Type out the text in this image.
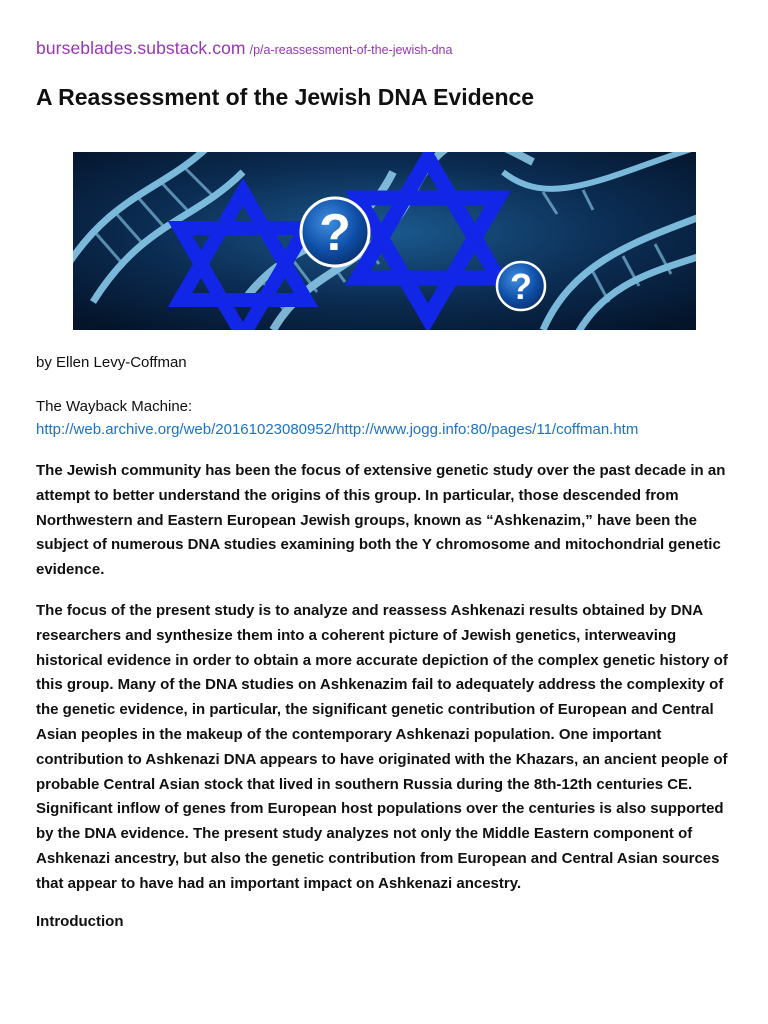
burseblades.substack.com /p/a-reassessment-of-the-jewish-dna
A Reassessment of the Jewish DNA Evidence
?
?
by Ellen Levy-Coffman
The Wayback Machine:
http://web.archive.org/web/20161023080952/http://www.jogg.info:80/pages/11/coffman.htm

The Jewish community has been the focus of extensive genetic study over the past decade in an attempt to better understand the origins of this group. In particular, those descended from Northwestern and Eastern European Jewish groups, known as “Ashkenazim,” have been the subject of numerous DNA studies examining both the Y chromosome and mitochondrial genetic evidence.

The focus of the present study is to analyze and reassess Ashkenazi results obtained by DNA researchers and synthesize them into a coherent picture of Jewish genetics, interweaving historical evidence in order to obtain a more accurate depiction of the complex genetic history of this group. Many of the DNA studies on Ashkenazim fail to adequately address the complexity of the genetic evidence, in particular, the significant genetic contribution of European and Central Asian peoples in the makeup of the contemporary Ashkenazi population. One important contribution to Ashkenazi DNA appears to have originated with the Khazars, an ancient people of probable Central Asian stock that lived in southern Russia during the 8th-12th centuries CE. Significant inflow of genes from European host populations over the centuries is also supported by the DNA evidence. The present study analyzes not only the Middle Eastern component of Ashkenazi ancestry, but also the genetic contribution from European and Central Asian sources that appear to have had an important impact on Ashkenazi ancestry.

Introduction
